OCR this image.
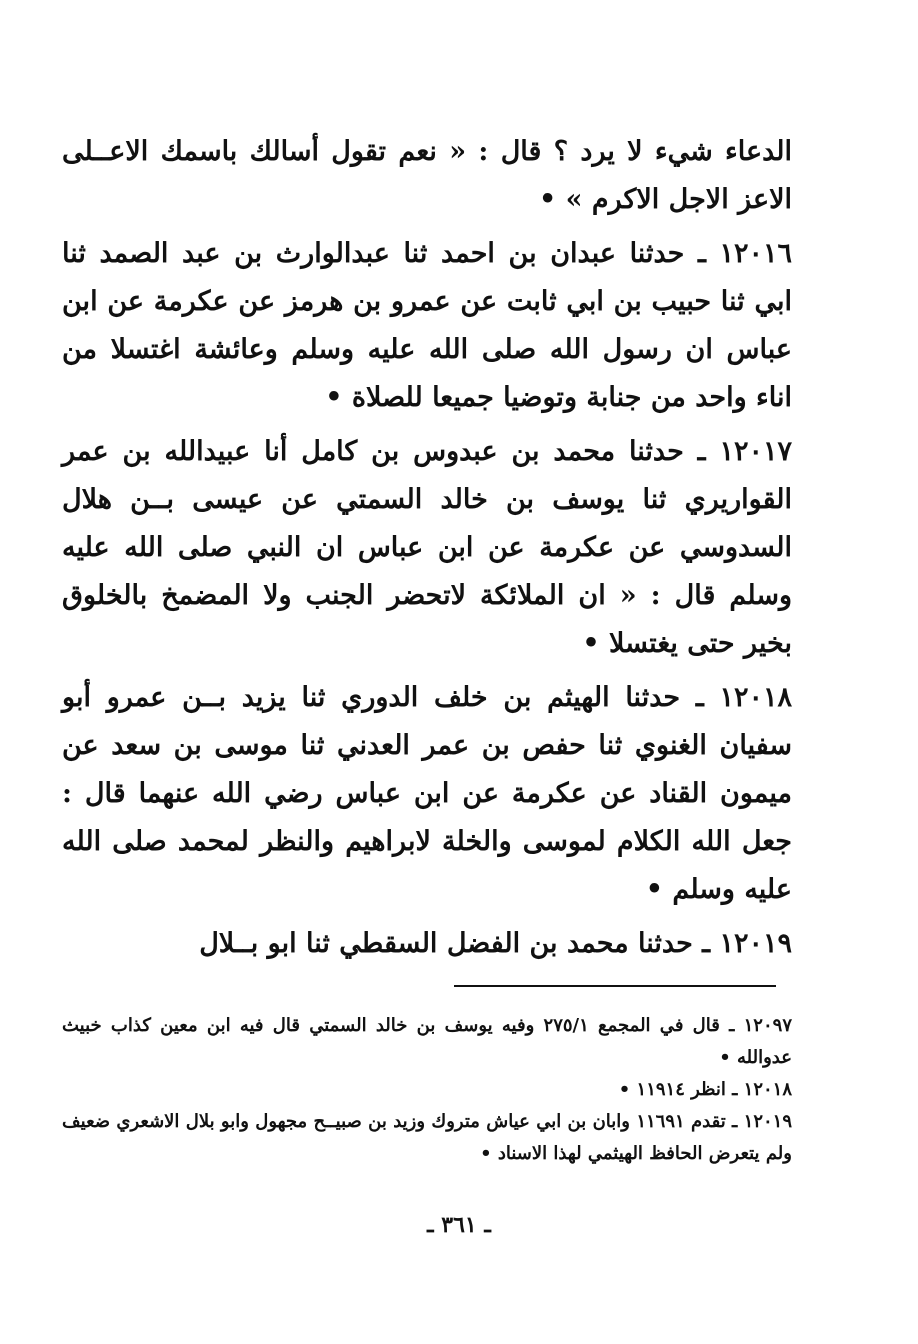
الدعاء شيء لا يرد ؟ قال : « نعم تقول أسالك باسمك الاعــلى الاعز الاجل الاكرم » •

١٢٠١٦ ـ حدثنا عبدان بن احمد ثنا عبدالوارث بن عبد الصمد ثنا ابي ثنا حبيب بن ابي ثابت عن عمرو بن هرمز عن عكرمة عن ابن عباس ان رسول الله صلى الله عليه وسلم وعائشة اغتسلا من اناء واحد من جنابة وتوضيا جميعا للصلاة •

١٢٠١٧ ـ حدثنا محمد بن عبدوس بن كامل أنا عبيدالله بن عمر القواريري ثنا يوسف بن خالد السمتي عن عيسى بــن هلال السدوسي عن عكرمة عن ابن عباس ان النبي صلى الله عليه وسلم قال : « ان الملائكة لاتحضر الجنب ولا المضمخ بالخلوق بخير حتى يغتسلا •

١٢٠١٨ ـ حدثنا الهيثم بن خلف الدوري ثنا يزيد بــن عمرو أبو سفيان الغنوي ثنا حفص بن عمر العدني ثنا موسى بن سعد عن ميمون القناد عن عكرمة عن ابن عباس رضي الله عنهما قال : جعل الله الكلام لموسى والخلة لابراهيم والنظر لمحمد صلى الله عليه وسلم •

١٢٠١٩ ـ حدثنا محمد بن الفضل السقطي ثنا ابو بــلال

١٢٠٩٧ ـ قال في المجمع ٢٧٥/١ وفيه يوسف بن خالد السمتي قال فيه ابن معين كذاب خبيث عدوالله •

١٢٠١٨ ـ انظر ١١٩١٤ •

١٢٠١٩ ـ تقدم ١١٦٩١ وابان بن ابي عياش متروك وزيد بن صبيــح مجهول وابو بلال الاشعري ضعيف ولم يتعرض الحافظ الهيثمي لهذا الاسناد •

ـ ٣٦١ ـ
